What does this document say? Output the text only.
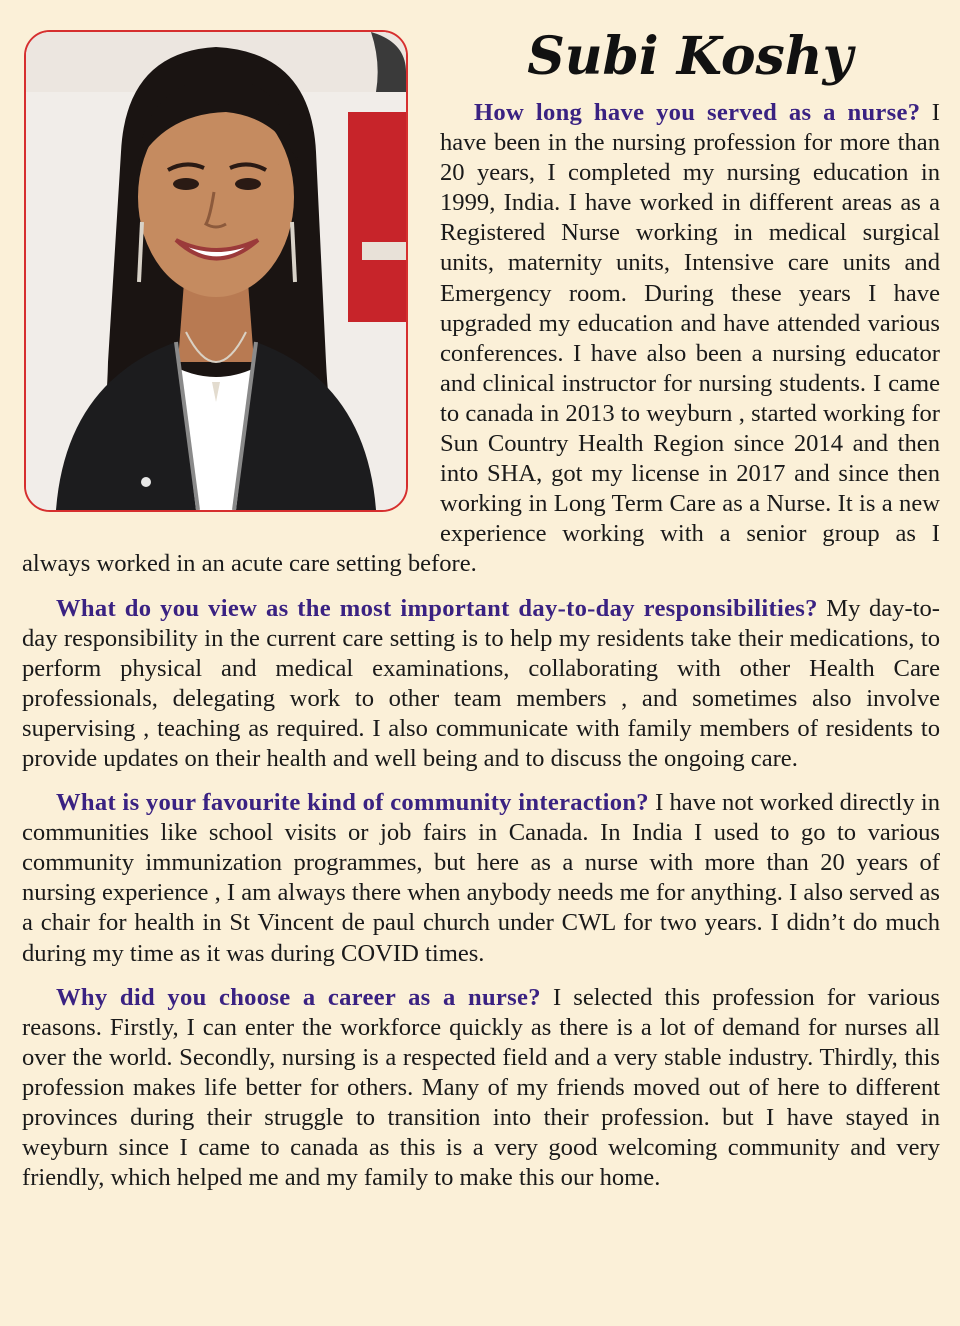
Subi Koshy

How long have you served as a nurse? I have been in the nursing profession for more than 20 years, I completed my nursing education in 1999, India. I have worked in different areas as a Registered Nurse working in medical surgical units, maternity units, Intensive care units and Emergency room. During these years I have upgraded my education and have attended various conferences. I have also been a nursing educator and clinical instructor for nursing students. I came to canada in 2013 to weyburn , started working for Sun Country Health Region since 2014 and then into SHA, got my license in 2017 and since then working in Long Term Care as a Nurse. It is a new experience working with a senior group as I always worked in an acute care setting before.

What do you view as the most important day-to-day responsibilities? My day-to-day responsibility in the current care setting is to help my residents take their medications, to perform physical and medical examinations, collaborating with other Health Care professionals, delegating work to other team members , and sometimes also involve supervising , teaching as required. I also communicate with family members of residents to provide updates on their health and well being and to discuss the ongoing care.

What is your favourite kind of community interaction? I have not worked directly in communities like school visits or job fairs in Canada. In India I used to go to various community immunization programmes, but here as a nurse with more than 20 years of nursing experience , I am always there when anybody needs me for anything. I also served as a chair for health in St Vincent de paul church under CWL for two years. I didn’t do much during my time as it was during COVID times.

Why did you choose a career as a nurse? I selected this profession for various reasons. Firstly, I can enter the workforce quickly as there is a lot of demand for nurses all over the world. Secondly, nursing is a respected field and a very stable industry. Thirdly, this profession makes life better for others. Many of my friends moved out of here to different provinces during their struggle to transition into their profession. but I have stayed in weyburn since I came to canada as this is a very good welcoming community and very friendly, which helped me and my family to make this our home.
